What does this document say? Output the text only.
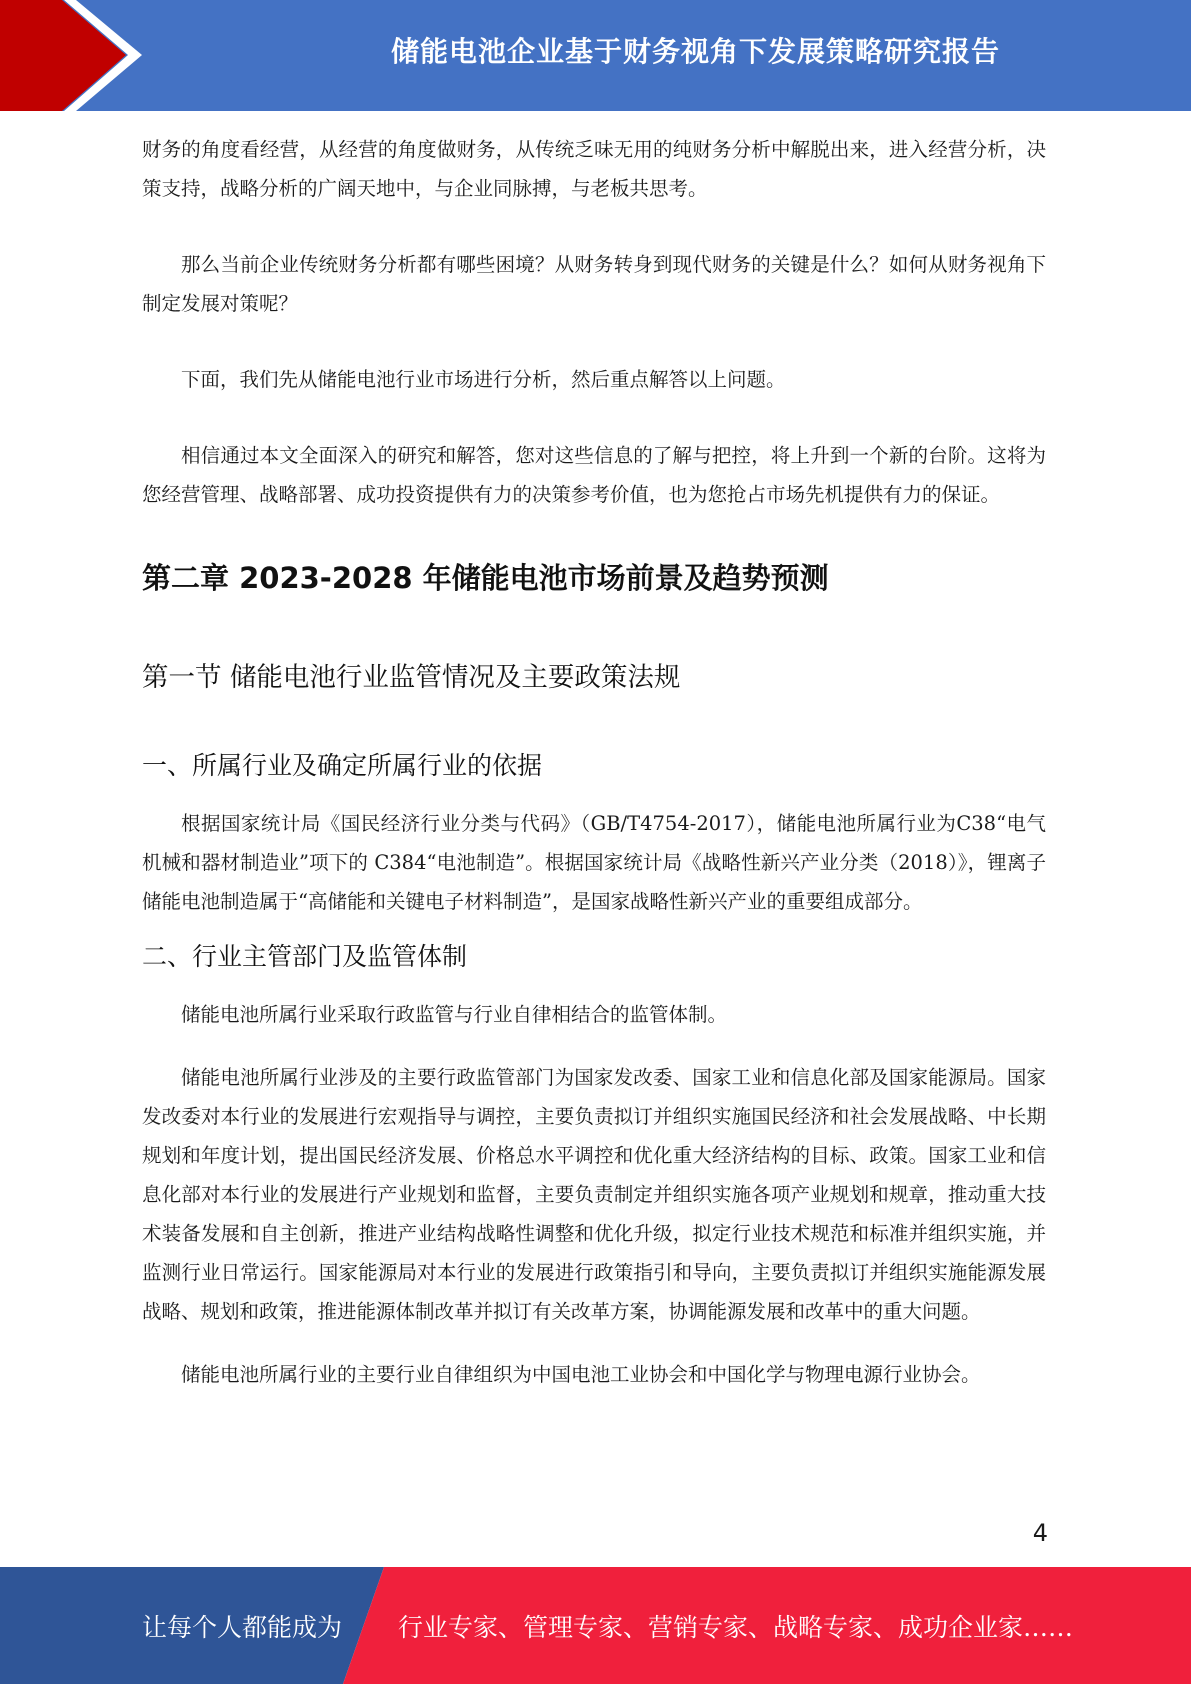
储能电池企业基于财务视角下发展策略研究报告

财务的角度看经营，从经营的角度做财务，从传统乏味无用的纯财务分析中解脱出来，进入经营分析，决策支持，战略分析的广阔天地中，与企业同脉搏，与老板共思考。

那么当前企业传统财务分析都有哪些困境？从财务转身到现代财务的关键是什么？如何从财务视角下制定发展对策呢？

下面，我们先从储能电池行业市场进行分析，然后重点解答以上问题。

相信通过本文全面深入的研究和解答，您对这些信息的了解与把控，将上升到一个新的台阶。这将为您经营管理、战略部署、成功投资提供有力的决策参考价值，也为您抢占市场先机提供有力的保证。

第二章 2023-2028 年储能电池市场前景及趋势预测
第一节 储能电池行业监管情况及主要政策法规
一、所属行业及确定所属行业的依据

根据国家统计局《国民经济行业分类与代码》（GB/T4754-2017），储能电池所属行业为C38“电气机械和器材制造业”项下的 C384“电池制造”。根据国家统计局《战略性新兴产业分类（2018）》，锂离子储能电池制造属于“高储能和关键电子材料制造”，是国家战略性新兴产业的重要组成部分。

二、行业主管部门及监管体制

储能电池所属行业采取行政监管与行业自律相结合的监管体制。

储能电池所属行业涉及的主要行政监管部门为国家发改委、国家工业和信息化部及国家能源局。国家发改委对本行业的发展进行宏观指导与调控，主要负责拟订并组织实施国民经济和社会发展战略、中长期规划和年度计划，提出国民经济发展、价格总水平调控和优化重大经济结构的目标、政策。国家工业和信息化部对本行业的发展进行产业规划和监督，主要负责制定并组织实施各项产业规划和规章，推动重大技术装备发展和自主创新，推进产业结构战略性调整和优化升级，拟定行业技术规范和标准并组织实施，并监测行业日常运行。国家能源局对本行业的发展进行政策指引和导向，主要负责拟订并组织实施能源发展战略、规划和政策，推进能源体制改革并拟订有关改革方案，协调能源发展和改革中的重大问题。

储能电池所属行业的主要行业自律组织为中国电池工业协会和中国化学与物理电源行业协会。

4
让每个人都能成为 行业专家、管理专家、营销专家、战略专家、成功企业家……
